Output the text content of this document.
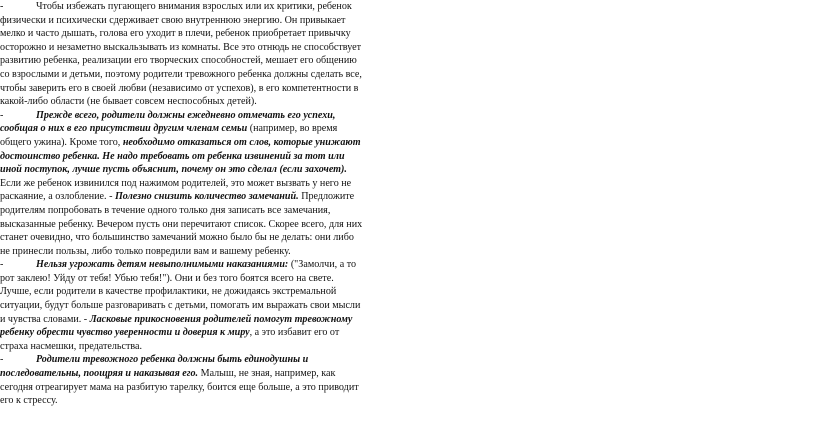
-	Чтобы избежать пугающего внимания взрослых или их критики, ребенок
физически и психически сдерживает свою внутреннюю энергию. Он привыкает
мелко и часто дышать, голова его уходит в плечи, ребенок приобретает привычку
осторожно и незаметно выскальзывать из комнаты. Все это отнюдь не способствует
развитию ребенка, реализации его творческих способностей, мешает его общению
со взрослыми и детьми, поэтому родители тревожного ребенка должны сделать все,
чтобы заверить его в своей любви (независимо от успехов), в его компетентности в
какой-либо области (не бывает совсем неспособных детей).
-	Прежде всего, родители должны ежедневно отмечать его успехи,
сообщая о них в его присутствии другим членам семьи (например, во время
общего ужина). Кроме того, необходимо отказаться от слов, которые унижают
достоинство ребенка. Не надо требовать от ребенка извинений за тот или
иной поступок, лучше пусть объяснит, почему он это сделал (если захочет).
Если же ребенок извинился под нажимом родителей, это может вызвать у него не
раскаяние, а озлобление. - Полезно снизить количество замечаний. Предложите
родителям попробовать в течение одного только дня записать все замечания,
высказанные ребенку. Вечером пусть они перечитают список. Скорее всего, для них
станет очевидно, что большинство замечаний можно было бы не делать: они либо
не принесли пользы, либо только повредили вам и вашему ребенку.
-	Нельзя угрожать детям невыполнимыми наказаниями: ("Замолчи, а то
рот заклею! Уйду от тебя! Убью тебя!"). Они и без того боятся всего на свете.
Лучше, если родители в качестве профилактики, не дожидаясь экстремальной
ситуации, будут больше разговаривать с детьми, помогать им выражать свои мысли
и чувства словами. - Ласковые прикосновения родителей помогут тревожному
ребенку обрести чувство уверенности и доверия к миру, а это избавит его от
страха насмешки, предательства.
-	Родители тревожного ребенка должны быть единодушны и
последовательны, поощряя и наказывая его. Малыш, не зная, например, как
сегодня отреагирует мама на разбитую тарелку, боится еще больше, а это приводит
его к стрессу.
